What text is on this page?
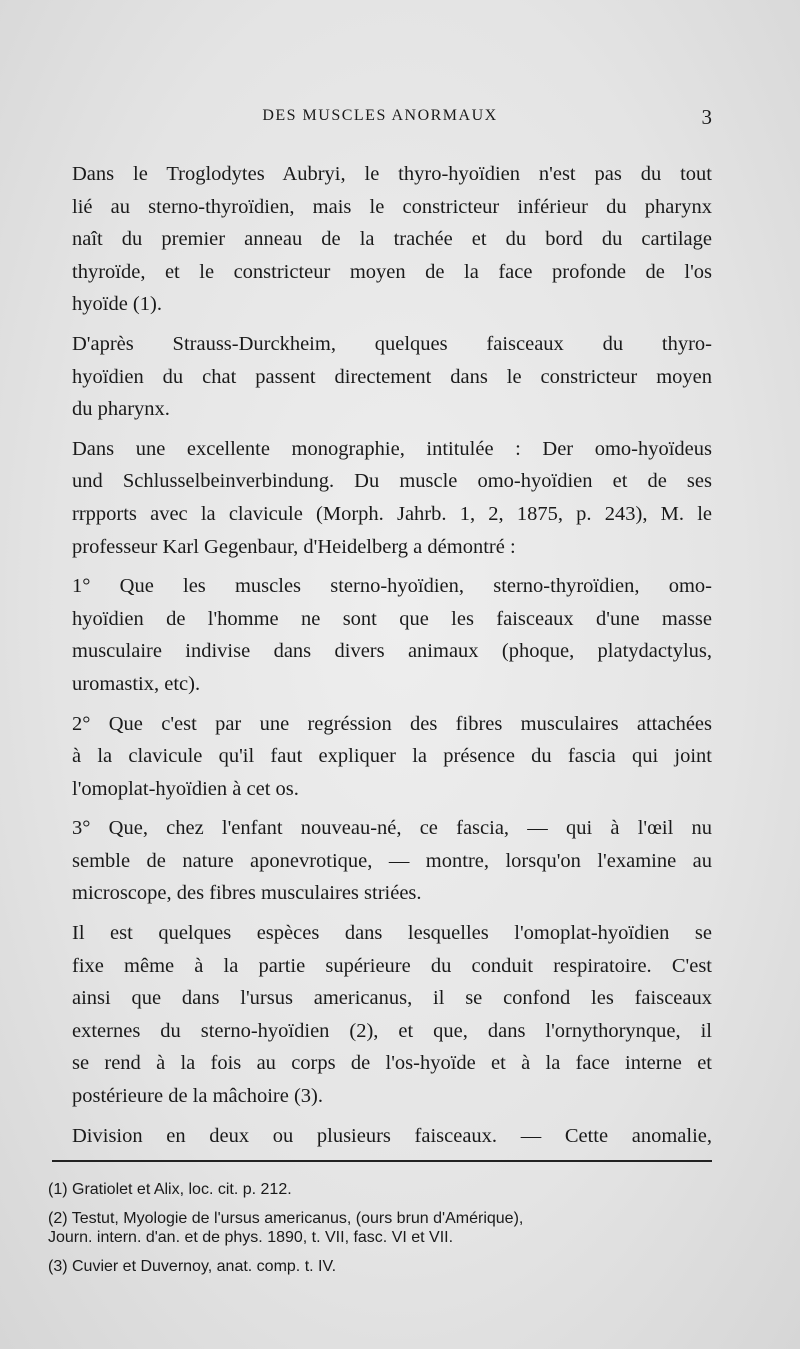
DES MUSCLES ANORMAUX	3
Dans le Troglodytes Aubryi, le thyro-hyoïdien n'est pas du tout
lié au sterno-thyroïdien, mais le constricteur inférieur du pharynx
naît du premier anneau de la trachée et du bord du cartilage
thyroïde, et le constricteur moyen de la face profonde de l'os
hyoïde (1).
D'après Strauss-Durckheim, quelques faisceaux du thyro-
hyoïdien du chat passent directement dans le constricteur moyen
du pharynx.
Dans une excellente monographie, intitulée : Der omo-hyoïdeus
und Schlusselbeinverbindung. Du muscle omo-hyoïdien et de ses
rrpports avec la clavicule (Morph. Jahrb. 1, 2, 1875, p. 243), M. le
professeur Karl Gegenbaur, d'Heidelberg a démontré :
1° Que les muscles sterno-hyoïdien, sterno-thyroïdien, omo-
hyoïdien de l'homme ne sont que les faisceaux d'une masse
musculaire indivise dans divers animaux (phoque, platydactylus,
uromastix, etc).
2° Que c'est par une regréssion des fibres musculaires attachées
à la clavicule qu'il faut expliquer la présence du fascia qui joint
l'omoplat-hyoïdien à cet os.
3° Que, chez l'enfant nouveau-né, ce fascia, — qui à l'œil nu
semble de nature aponevrotique, — montre, lorsqu'on l'examine au
microscope, des fibres musculaires striées.
Il est quelques espèces dans lesquelles l'omoplat-hyoïdien se
fixe même à la partie supérieure du conduit respiratoire. C'est
ainsi que dans l'ursus americanus, il se confond les faisceaux
externes du sterno-hyoïdien (2), et que, dans l'ornythorynque, il
se rend à la fois au corps de l'os-hyoïde et à la face interne et
postérieure de la mâchoire (3).
Division en deux ou plusieurs faisceaux. — Cette anomalie,
(1) Gratiolet et Alix, loc. cit. p. 212.
(2) Testut, Myologie de l'ursus americanus, (ours brun d'Amérique),
Journ. intern. d'an. et de phys. 1890, t. VII, fasc. VI et VII.
(3) Cuvier et Duvernoy, anat. comp. t. IV.
